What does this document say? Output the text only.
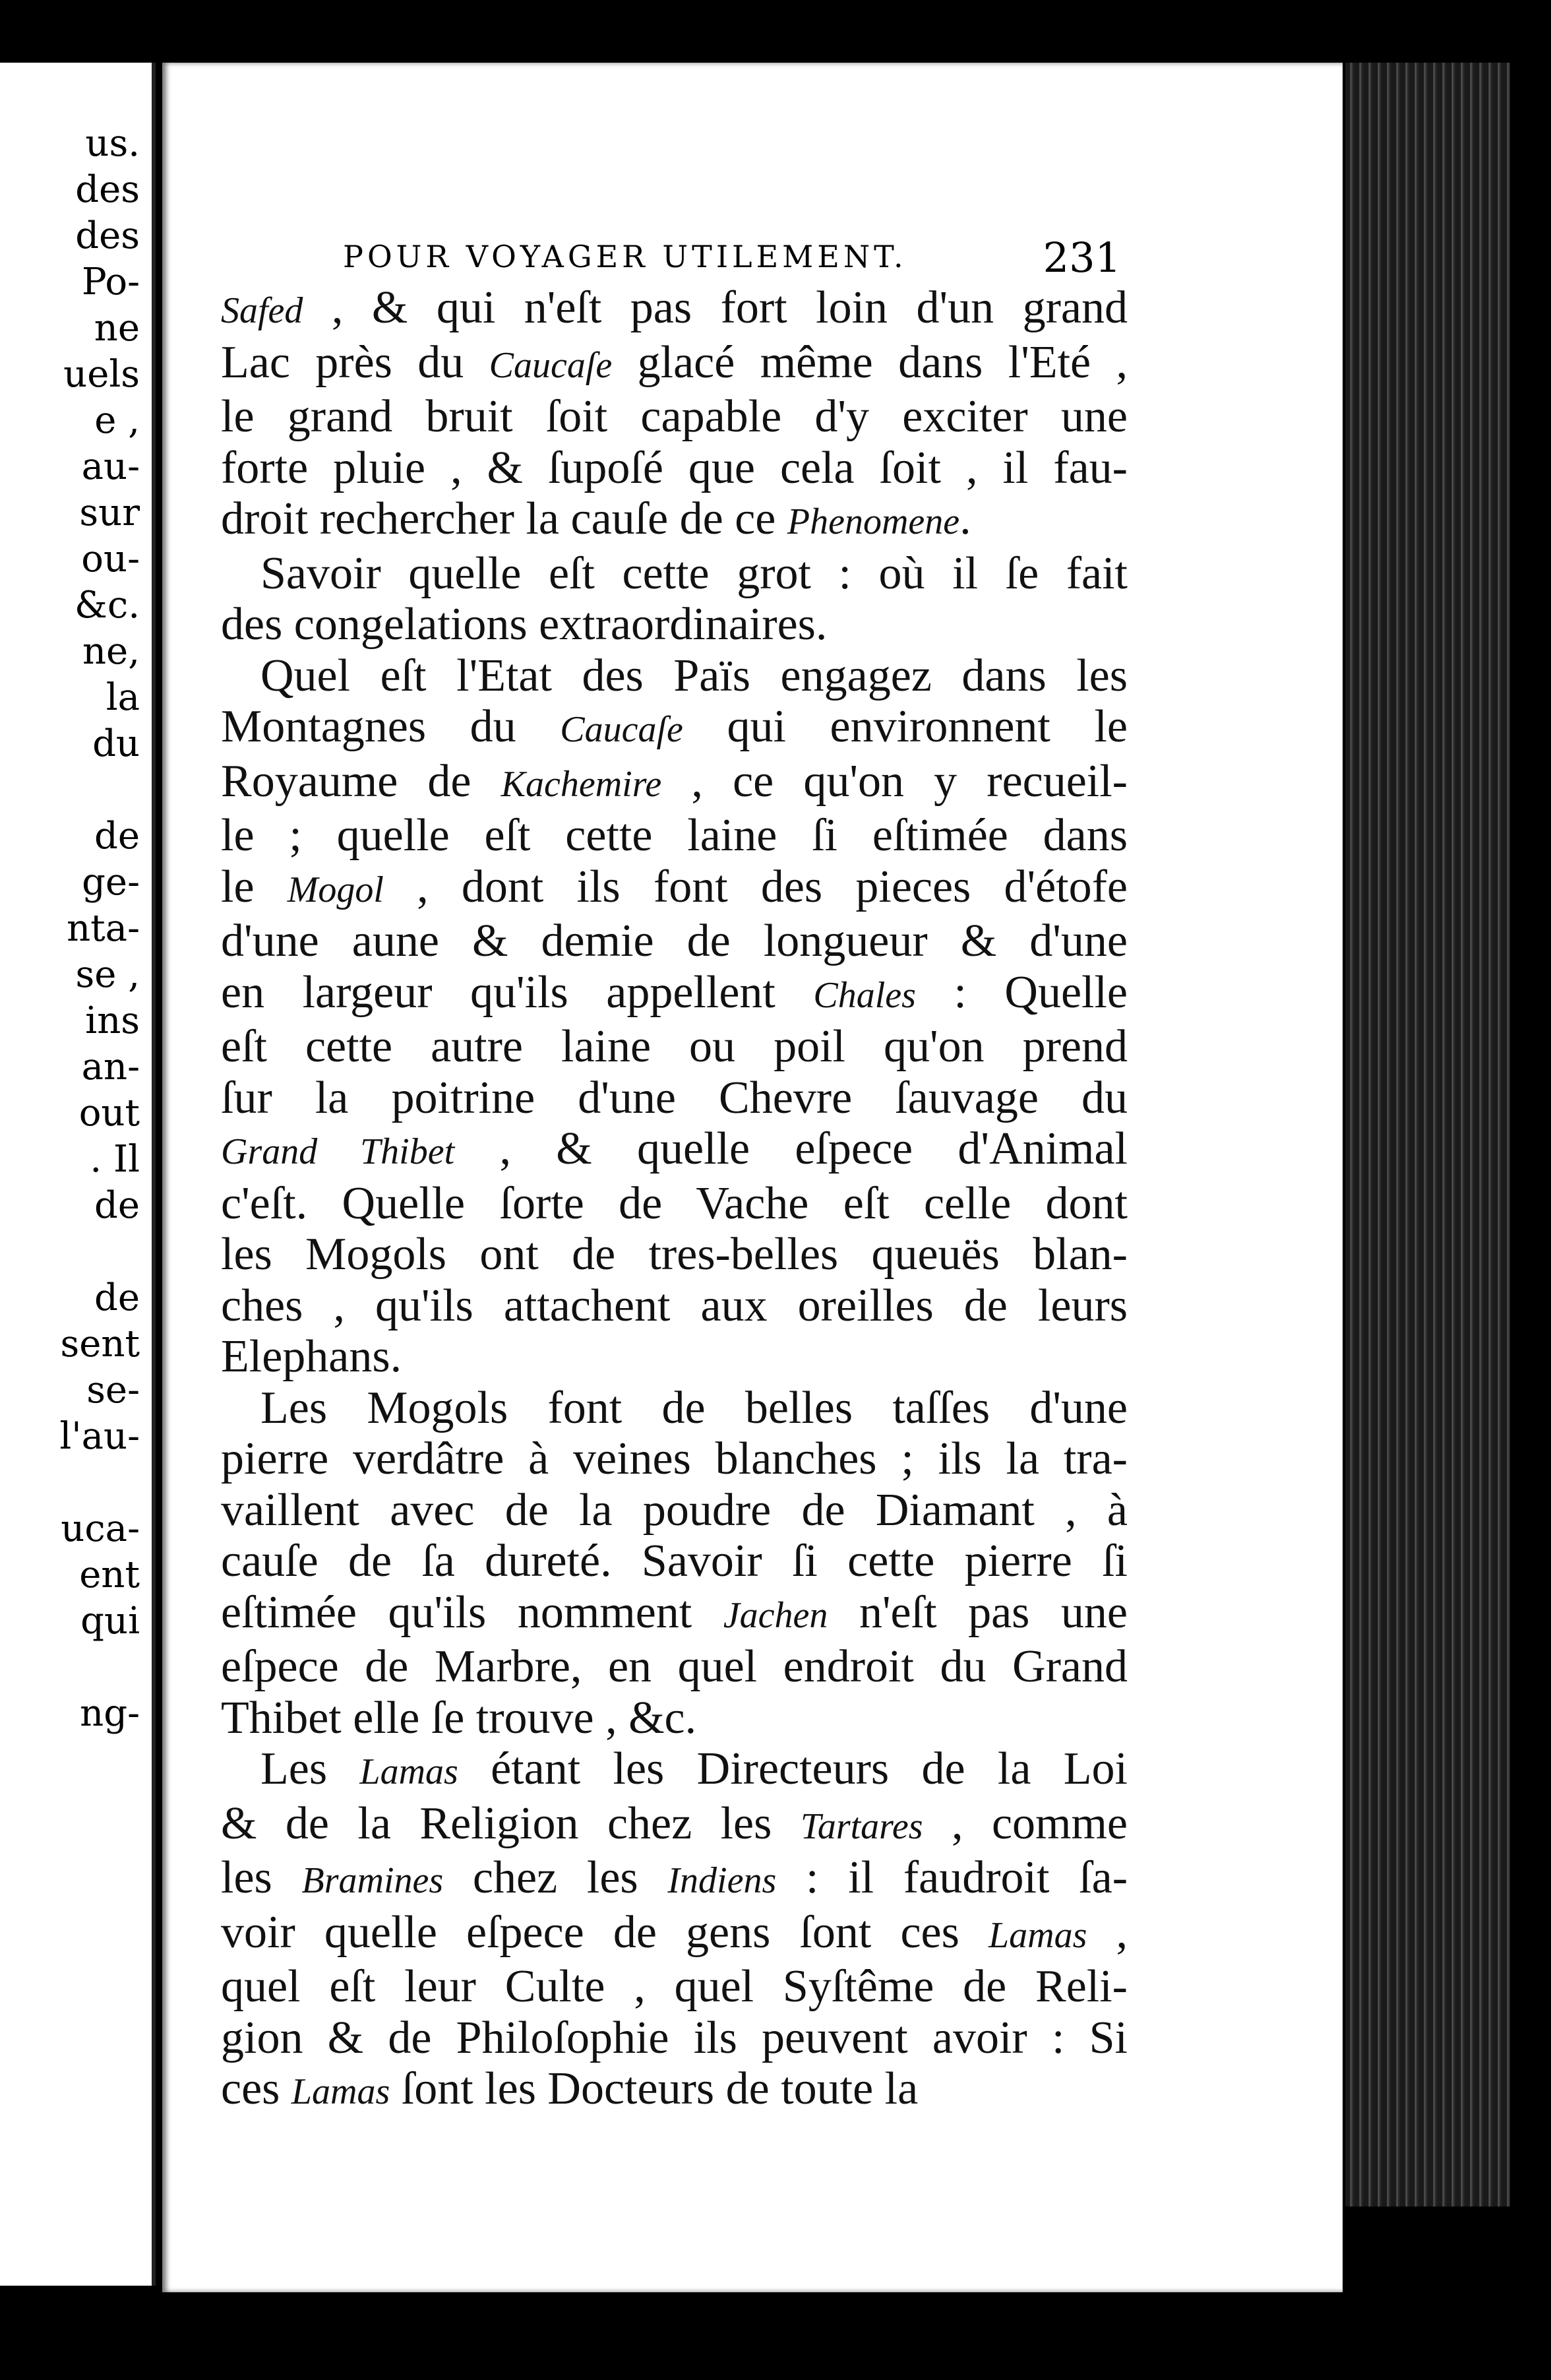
us.
des
des
Po-
ne
uels
e ,
au-
sur
ou-
&c.
ne,
la
du
de
ge-
nta-
se ,
ins
an-
out
. Il
de
de
sent
se-
l'au-
uca-
ent
qui
ng-
POUR VOYAGER UTILEMENT.	231

Safed , & qui n'eſt pas fort loin d'un grand
Lac près du Caucaſe glacé même dans l'Eté ,
le grand bruit ſoit capable d'y exciter une
forte pluie , & ſupoſé que cela ſoit , il fau-
droit rechercher la cauſe de ce Phenomene.

Savoir quelle eſt cette grot : où il ſe fait
des congelations extraordinaires.

Quel eſt l'Etat des Païs engagez dans les
Montagnes du Caucaſe qui environnent le
Royaume de Kachemire , ce qu'on y recueil-
le ; quelle eſt cette laine ſi eſtimée dans
le Mogol , dont ils font des pieces d'étofe
d'une aune & demie de longueur & d'une
en largeur qu'ils appellent Chales : Quelle
eſt cette autre laine ou poil qu'on prend
ſur la poitrine d'une Chevre ſauvage du
Grand Thibet , & quelle eſpece d'Animal
c'eſt. Quelle ſorte de Vache eſt celle dont
les Mogols ont de tres-belles queuës blan-
ches , qu'ils attachent aux oreilles de leurs
Elephans.

Les Mogols font de belles taſſes d'une
pierre verdâtre à veines blanches ; ils la tra-
vaillent avec de la poudre de Diamant , à
cauſe de ſa dureté. Savoir ſi cette pierre ſi
eſtimée qu'ils nomment Jachen n'eſt pas une
eſpece de Marbre, en quel endroit du Grand
Thibet elle ſe trouve , &c.

Les Lamas étant les Directeurs de la Loi
& de la Religion chez les Tartares , comme
les Bramines chez les Indiens : il faudroit ſa-
voir quelle eſpece de gens ſont ces Lamas ,
quel eſt leur Culte , quel Syſtême de Reli-
gion & de Philoſophie ils peuvent avoir : Si
ces Lamas ſont les Docteurs de toute la
